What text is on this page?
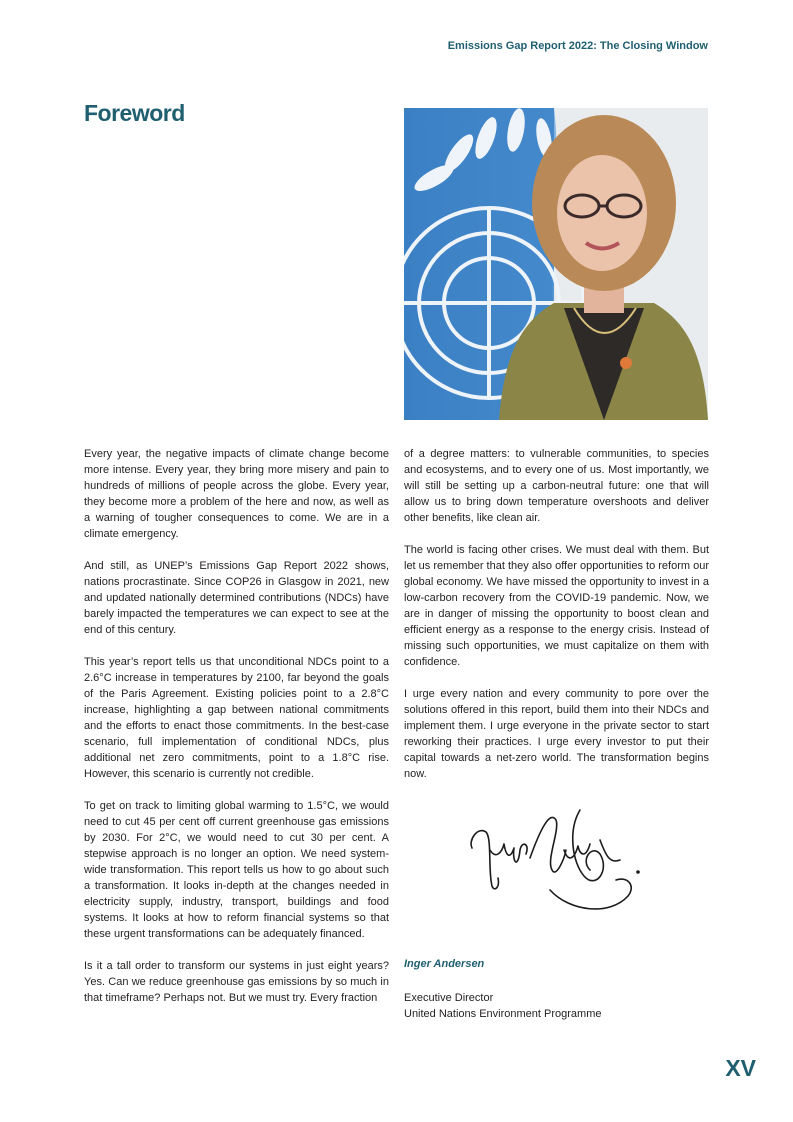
Emissions Gap Report 2022: The Closing Window
Foreword

Every year, the negative impacts of climate change become more intense. Every year, they bring more misery and pain to hundreds of millions of people across the globe. Every year, they become more a problem of the here and now, as well as a warning of tougher consequences to come. We are in a climate emergency.

And still, as UNEP’s Emissions Gap Report 2022 shows, nations procrastinate. Since COP26 in Glasgow in 2021, new and updated nationally determined contributions (NDCs) have barely impacted the temperatures we can expect to see at the end of this century.

This year’s report tells us that unconditional NDCs point to a 2.6°C increase in temperatures by 2100, far beyond the goals of the Paris Agreement. Existing policies point to a 2.8°C increase, highlighting a gap between national commitments and the efforts to enact those commitments. In the best-case scenario, full implementation of conditional NDCs, plus additional net zero commitments, point to a 1.8°C rise. However, this scenario is currently not credible.

To get on track to limiting global warming to 1.5°C, we would need to cut 45 per cent off current greenhouse gas emissions by 2030. For 2°C, we would need to cut 30 per cent. A stepwise approach is no longer an option. We need system-wide transformation. This report tells us how to go about such a transformation. It looks in-depth at the changes needed in electricity supply, industry, transport, buildings and food systems. It looks at how to reform financial systems so that these urgent transformations can be adequately financed.

Is it a tall order to transform our systems in just eight years? Yes. Can we reduce greenhouse gas emissions by so much in that timeframe? Perhaps not. But we must try. Every fraction

of a degree matters: to vulnerable communities, to species and ecosystems, and to every one of us. Most importantly, we will still be setting up a carbon-neutral future: one that will allow us to bring down temperature overshoots and deliver other benefits, like clean air.

The world is facing other crises. We must deal with them. But let us remember that they also offer opportunities to reform our global economy. We have missed the opportunity to invest in a low-carbon recovery from the COVID-19 pandemic. Now, we are in danger of missing the opportunity to boost clean and efficient energy as a response to the energy crisis. Instead of missing such opportunities, we must capitalize on them with confidence.

I urge every nation and every community to pore over the solutions offered in this report, build them into their NDCs and implement them. I urge everyone in the private sector to start reworking their practices. I urge every investor to put their capital towards a net-zero world. The transformation begins now.

Inger Andersen
Executive Director
United Nations Environment Programme
XV
